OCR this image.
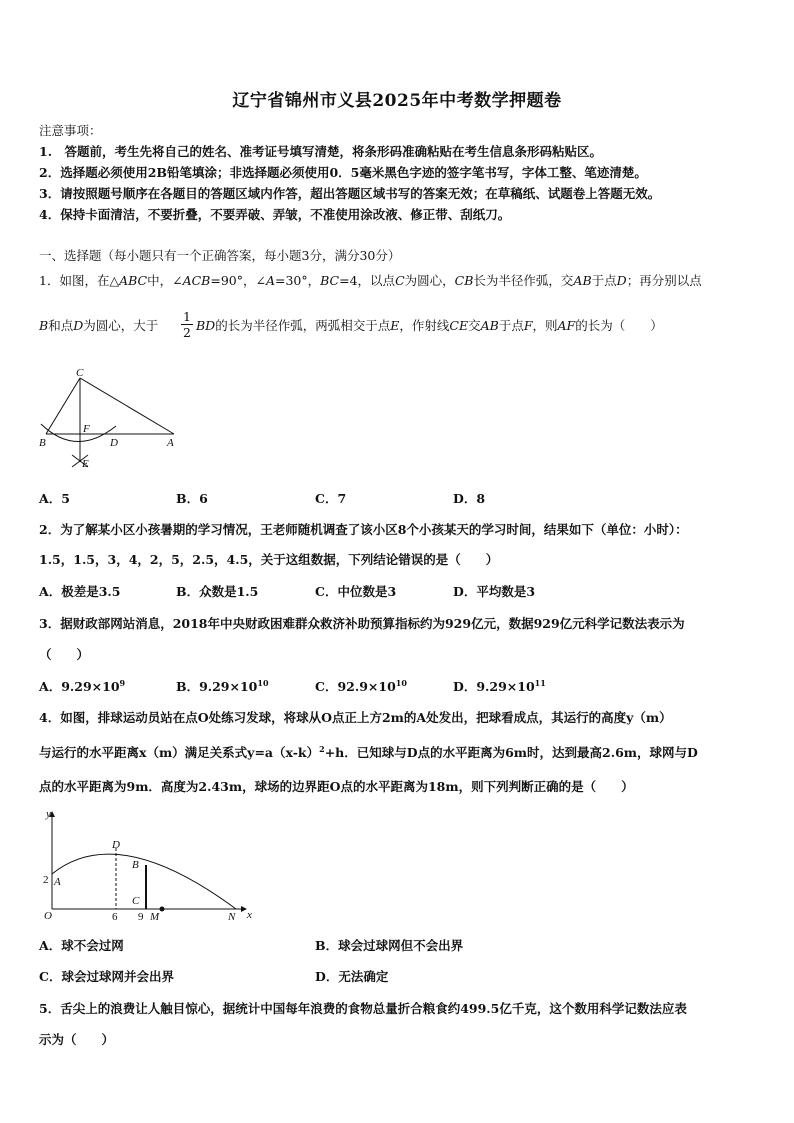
辽宁省锦州市义县2025年中考数学押题卷
注意事项：
1.　答题前，考生先将自己的姓名、准考证号填写清楚，将条形码准确粘贴在考生信息条形码粘贴区。
2．选择题必须使用2B铅笔填涂；非选择题必须使用0．5毫米黑色字迹的签字笔书写，字体工整、笔迹清楚。
3．请按照题号顺序在各题目的答题区域内作答，超出答题区域书写的答案无效；在草稿纸、试题卷上答题无效。
4．保持卡面清洁，不要折叠，不要弄破、弄皱，不准使用涂改液、修正带、刮纸刀。
一、选择题（每小题只有一个正确答案，每小题3分，满分30分）
1．如图，在△ABC中，∠ACB=90°，∠A=30°，BC=4，以点C为圆心，CB长为半径作弧，交AB于点D；再分别以点
B和点D为圆心，大于 $\frac{1}{2}$ BD的长为半径作弧，两弧相交于点E，作射线CE交AB于点F，则AF的长为（　　）
C
F
B	D	A
E
A．5	B．6	C．7	D．8
2．为了解某小区小孩暑期的学习情况，王老师随机调查了该小区8个小孩某天的学习时间，结果如下（单位：小时）：
1.5，1.5，3，4，2，5，2.5，4.5，关于这组数据，下列结论错误的是（　　）
A．极差是3.5	B．众数是1.5	C．中位数是3	D．平均数是3
3．据财政部网站消息，2018年中央财政困难群众救济补助预算指标约为929亿元，数据929亿元科学记数法表示为
（　　）
A．$9.29\times 10^9$	B．$9.29\times 10^{10}$	C．$92.9\times 10^{10}$	D．$9.29\times 10^{11}$
4．如图，排球运动员站在点O处练习发球，将球从O点正上方2m的A处发出，把球看成点，其运行的高度y（m）
与运行的水平距离x（m）满足关系式$y=a(x-k)^2+h$．已知球与D点的水平距离为6m时，达到最高2.6m，球网与D
点的水平距离为9m．高度为2.43m，球场的边界距O点的水平距离为18m，则下列判断正确的是（　　）
y
x
O
2 A
D
B
C
6 9 M	N
A．球不会过网	B．球会过球网但不会出界
C．球会过球网并会出界	D．无法确定
5．舌尖上的浪费让人触目惊心，据统计中国每年浪费的食物总量折合粮食约499.5亿千克，这个数用科学记数法应表
示为（　　）
